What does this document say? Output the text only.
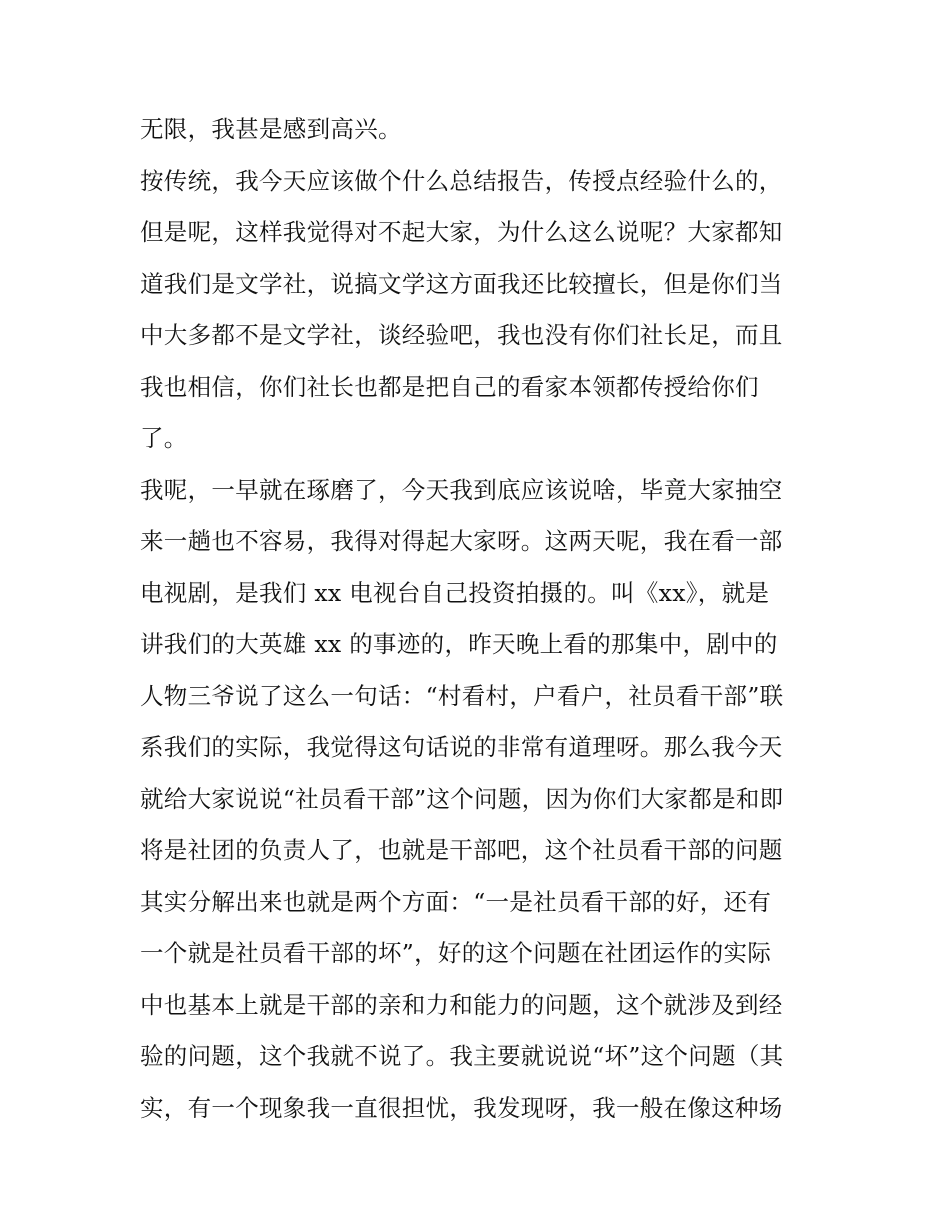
无限，我甚是感到高兴。

按传统，我今天应该做个什么总结报告，传授点经验什么的，

但是呢，这样我觉得对不起大家，为什么这么说呢？大家都知

道我们是文学社，说搞文学这方面我还比较擅长，但是你们当

中大多都不是文学社，谈经验吧，我也没有你们社长足，而且

我也相信，你们社长也都是把自己的看家本领都传授给你们

了。

我呢，一早就在琢磨了，今天我到底应该说啥，毕竟大家抽空

来一趟也不容易，我得对得起大家呀。这两天呢，我在看一部

电视剧，是我们 xx 电视台自己投资拍摄的。叫《xx》，就是

讲我们的大英雄 xx 的事迹的，昨天晚上看的那集中，剧中的

人物三爷说了这么一句话：“村看村，户看户，社员看干部”联

系我们的实际，我觉得这句话说的非常有道理呀。那么我今天

就给大家说说“社员看干部”这个问题，因为你们大家都是和即

将是社团的负责人了，也就是干部吧，这个社员看干部的问题

其实分解出来也就是两个方面：“一是社员看干部的好，还有

一个就是社员看干部的坏”，好的这个问题在社团运作的实际

中也基本上就是干部的亲和力和能力的问题，这个就涉及到经

验的问题，这个我就不说了。我主要就说说“坏”这个问题（其

实，有一个现象我一直很担忧，我发现呀，我一般在像这种场
